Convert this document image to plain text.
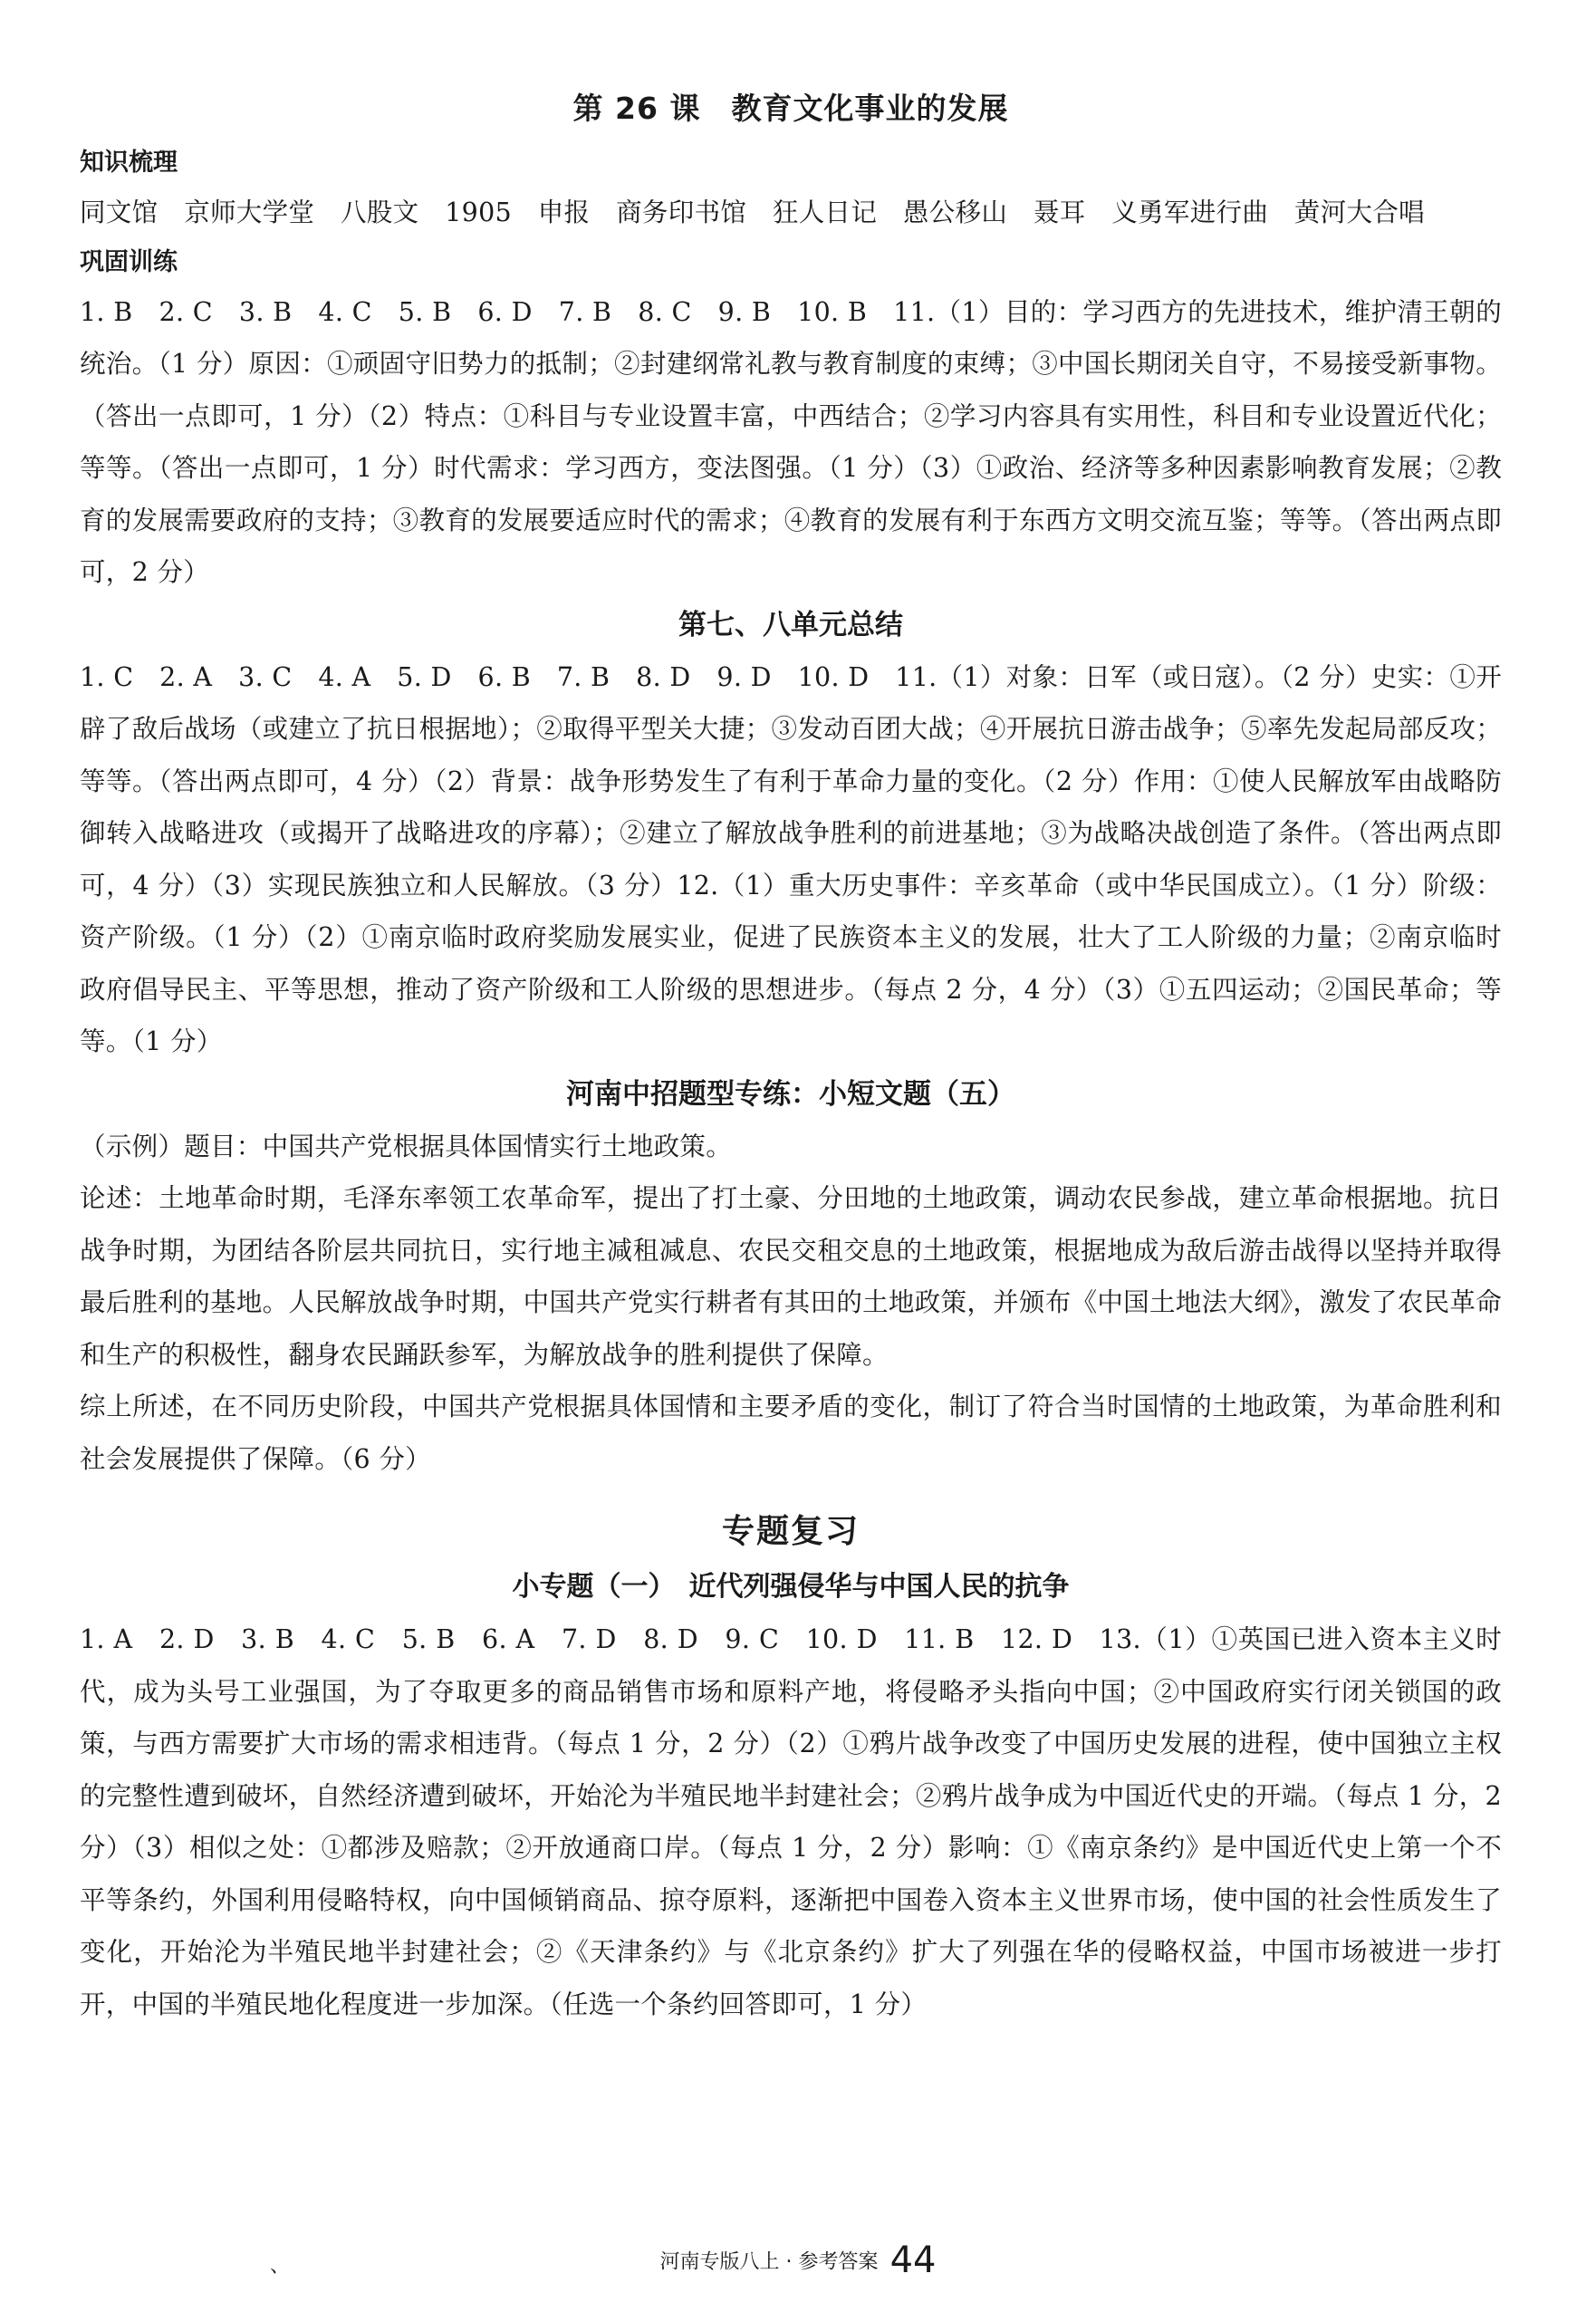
第 26 课　教育文化事业的发展
知识梳理

同文馆　京师大学堂　八股文　1905　申报　商务印书馆　狂人日记　愚公移山　聂耳　义勇军进行曲　黄河大合唱

巩固训练

1. B　2. C　3. B　4. C　5. B　6. D　7. B　8. C　9. B　10. B　11.（1）目的：学习西方的先进技术，维护清王朝的统治。（1 分）原因：①顽固守旧势力的抵制；②封建纲常礼教与教育制度的束缚；③中国长期闭关自守，不易接受新事物。（答出一点即可，1 分）（2）特点：①科目与专业设置丰富，中西结合；②学习内容具有实用性，科目和专业设置近代化；等等。（答出一点即可，1 分）时代需求：学习西方，变法图强。（1 分）（3）①政治、经济等多种因素影响教育发展；②教育的发展需要政府的支持；③教育的发展要适应时代的需求；④教育的发展有利于东西方文明交流互鉴；等等。（答出两点即可，2 分）

第七、八单元总结

1. C　2. A　3. C　4. A　5. D　6. B　7. B　8. D　9. D　10. D　11.（1）对象：日军（或日寇）。（2 分）史实：①开辟了敌后战场（或建立了抗日根据地）；②取得平型关大捷；③发动百团大战；④开展抗日游击战争；⑤率先发起局部反攻；等等。（答出两点即可，4 分）（2）背景：战争形势发生了有利于革命力量的变化。（2 分）作用：①使人民解放军由战略防御转入战略进攻（或揭开了战略进攻的序幕）；②建立了解放战争胜利的前进基地；③为战略决战创造了条件。（答出两点即可，4 分）（3）实现民族独立和人民解放。（3 分）12.（1）重大历史事件：辛亥革命（或中华民国成立）。（1 分）阶级：资产阶级。（1 分）（2）①南京临时政府奖励发展实业，促进了民族资本主义的发展，壮大了工人阶级的力量；②南京临时政府倡导民主、平等思想，推动了资产阶级和工人阶级的思想进步。（每点 2 分，4 分）（3）①五四运动；②国民革命；等等。（1 分）

河南中招题型专练：小短文题（五）

（示例）题目：中国共产党根据具体国情实行土地政策。

论述：土地革命时期，毛泽东率领工农革命军，提出了打土豪、分田地的土地政策，调动农民参战，建立革命根据地。抗日战争时期，为团结各阶层共同抗日，实行地主减租减息、农民交租交息的土地政策，根据地成为敌后游击战得以坚持并取得最后胜利的基地。人民解放战争时期，中国共产党实行耕者有其田的土地政策，并颁布《中国土地法大纲》，激发了农民革命和生产的积极性，翻身农民踊跃参军，为解放战争的胜利提供了保障。

综上所述，在不同历史阶段，中国共产党根据具体国情和主要矛盾的变化，制订了符合当时国情的土地政策，为革命胜利和社会发展提供了保障。（6 分）

专题复习
小专题（一）　近代列强侵华与中国人民的抗争

1. A　2. D　3. B　4. C　5. B　6. A　7. D　8. D　9. C　10. D　11. B　12. D　13.（1）①英国已进入资本主义时代，成为头号工业强国，为了夺取更多的商品销售市场和原料产地，将侵略矛头指向中国；②中国政府实行闭关锁国的政策，与西方需要扩大市场的需求相违背。（每点 1 分，2 分）（2）①鸦片战争改变了中国历史发展的进程，使中国独立主权的完整性遭到破坏，自然经济遭到破坏，开始沦为半殖民地半封建社会；②鸦片战争成为中国近代史的开端。（每点 1 分，2 分）（3）相似之处：①都涉及赔款；②开放通商口岸。（每点 1 分，2 分）影响：①《南京条约》是中国近代史上第一个不平等条约，外国利用侵略特权，向中国倾销商品、掠夺原料，逐渐把中国卷入资本主义世界市场，使中国的社会性质发生了变化，开始沦为半殖民地半封建社会；②《天津条约》与《北京条约》扩大了列强在华的侵略权益，中国市场被进一步打开，中国的半殖民地化程度进一步加深。（任选一个条约回答即可，1 分）

、	河南专版八上 · 参考答案 44
